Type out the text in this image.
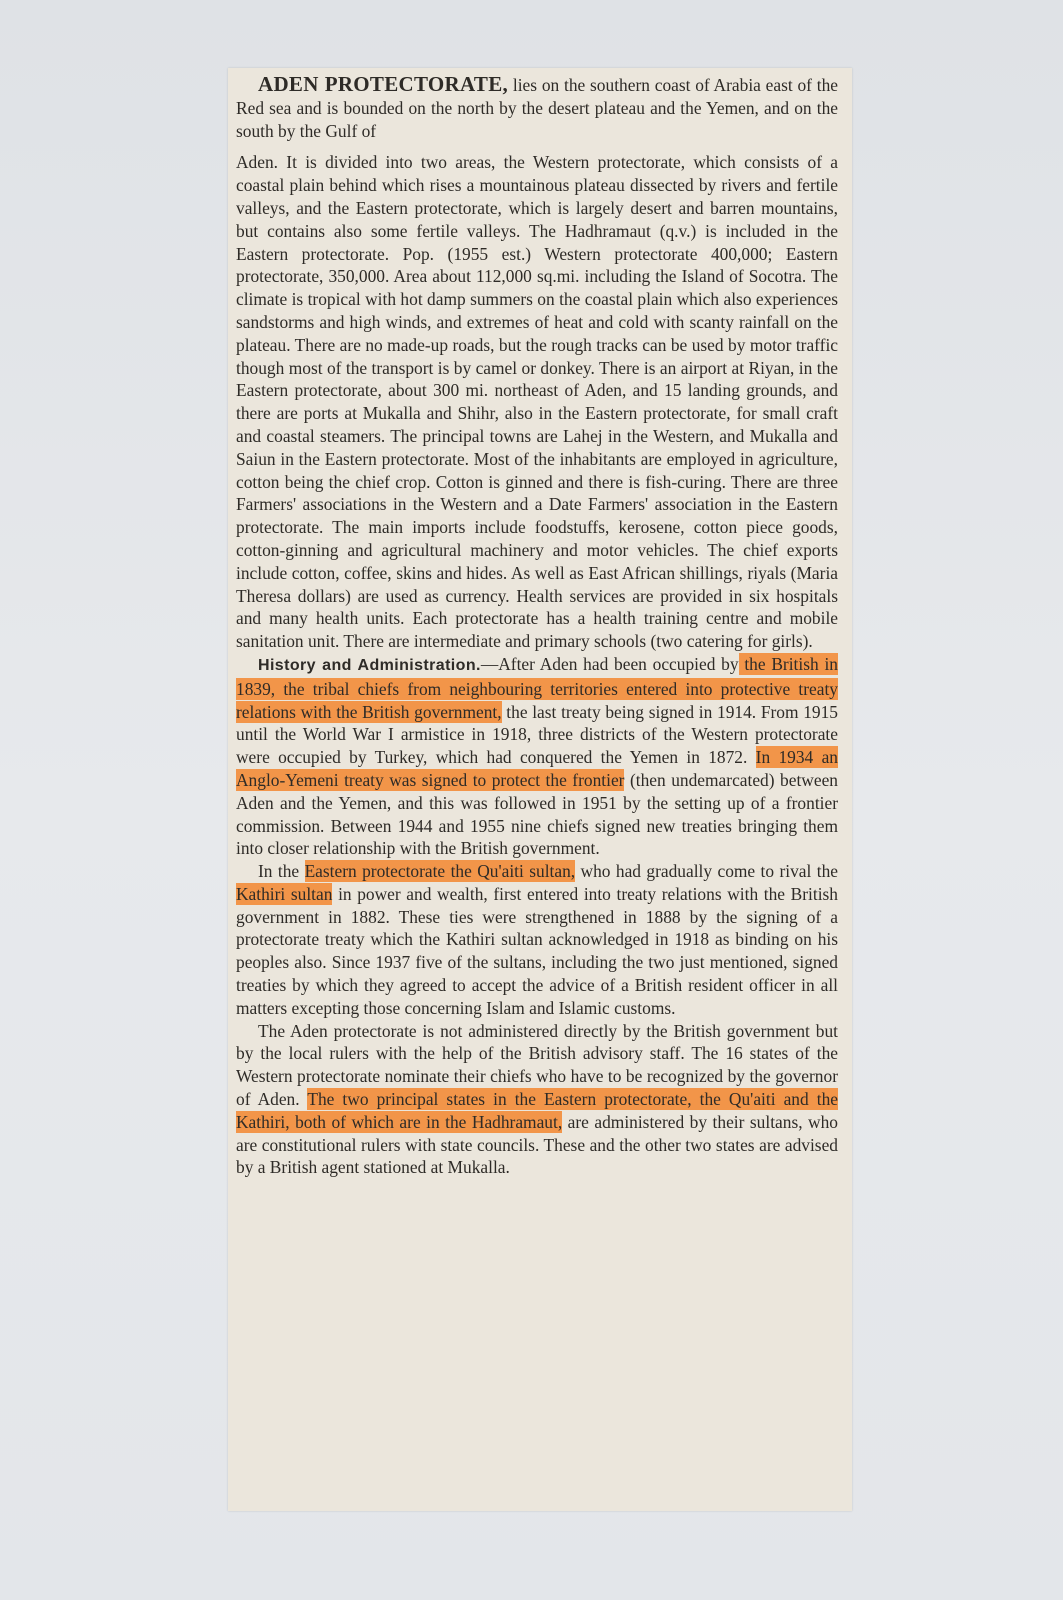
ADEN PROTECTORATE, lies on the southern coast of Arabia east of the Red sea and is bounded on the north by the desert plateau and the Yemen, and on the south by the Gulf of

Aden. It is divided into two areas, the Western protectorate, which consists of a coastal plain behind which rises a mountainous plateau dissected by rivers and fertile valleys, and the Eastern protectorate, which is largely desert and barren mountains, but contains also some fertile valleys. The Hadhramaut (q.v.) is included in the Eastern protectorate. Pop. (1955 est.) Western protectorate 400,000; Eastern protectorate, 350,000. Area about 112,000 sq.mi. including the Island of Socotra. The climate is tropical with hot damp summers on the coastal plain which also experiences sandstorms and high winds, and extremes of heat and cold with scanty rainfall on the plateau. There are no made-up roads, but the rough tracks can be used by motor traffic though most of the transport is by camel or donkey. There is an airport at Riyan, in the Eastern protectorate, about 300 mi. northeast of Aden, and 15 landing grounds, and there are ports at Mukalla and Shihr, also in the Eastern protectorate, for small craft and coastal steamers. The principal towns are Lahej in the Western, and Mukalla and Saiun in the Eastern protectorate. Most of the inhabitants are employed in agriculture, cotton being the chief crop. Cotton is ginned and there is fish-curing. There are three Farmers' associations in the Western and a Date Farmers' association in the Eastern protectorate. The main imports include foodstuffs, kerosene, cotton piece goods, cotton-ginning and agricultural machinery and motor vehicles. The chief exports include cotton, coffee, skins and hides. As well as East African shillings, riyals (Maria Theresa dollars) are used as currency. Health services are provided in six hospitals and many health units. Each protectorate has a health training centre and mobile sanitation unit. There are intermediate and primary schools (two catering for girls).

History and Administration.—After Aden had been occupied by the British in 1839, the tribal chiefs from neighbouring territories entered into protective treaty relations with the British government, the last treaty being signed in 1914. From 1915 until the World War I armistice in 1918, three districts of the Western protectorate were occupied by Turkey, which had conquered the Yemen in 1872. In 1934 an Anglo-Yemeni treaty was signed to protect the frontier (then undemarcated) between Aden and the Yemen, and this was followed in 1951 by the setting up of a frontier commission. Between 1944 and 1955 nine chiefs signed new treaties bringing them into closer relationship with the British government.

In the Eastern protectorate the Qu'aiti sultan, who had gradually come to rival the Kathiri sultan in power and wealth, first entered into treaty relations with the British government in 1882. These ties were strengthened in 1888 by the signing of a protectorate treaty which the Kathiri sultan acknowledged in 1918 as binding on his peoples also. Since 1937 five of the sultans, including the two just mentioned, signed treaties by which they agreed to accept the advice of a British resident officer in all matters excepting those concerning Islam and Islamic customs.

The Aden protectorate is not administered directly by the British government but by the local rulers with the help of the British advisory staff. The 16 states of the Western protectorate nominate their chiefs who have to be recognized by the governor of Aden. The two principal states in the Eastern protectorate, the Qu'aiti and the Kathiri, both of which are in the Hadhramaut, are administered by their sultans, who are constitutional rulers with state councils. These and the other two states are advised by a British agent stationed at Mukalla.
